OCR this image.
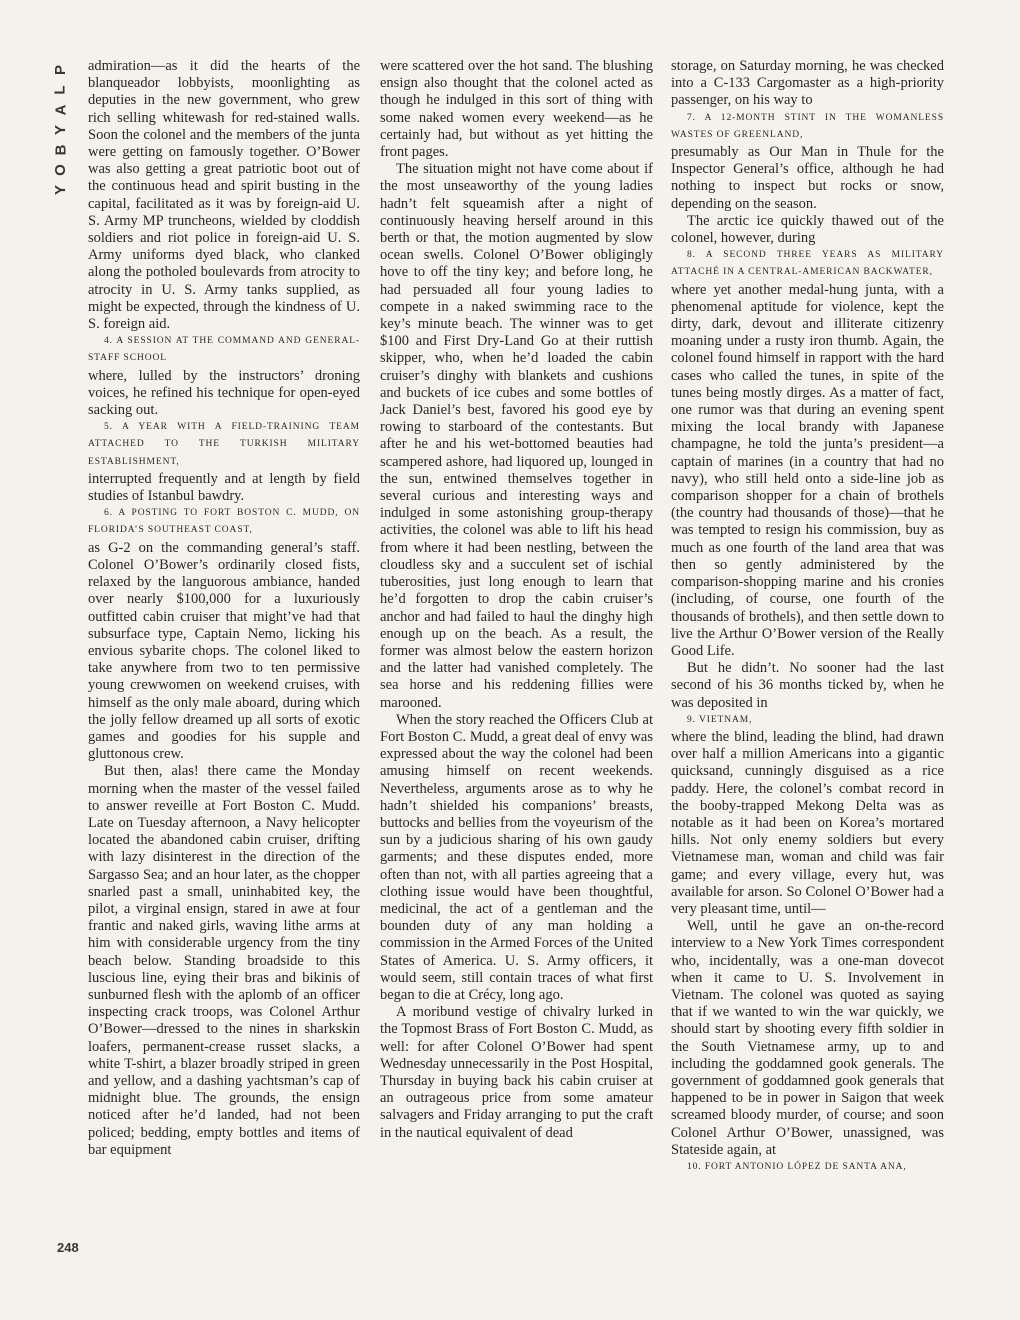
P
L
A
Y
B
O
Y
248

admiration—as it did the hearts of the blanqueador lobbyists, moonlighting as deputies in the new government, who grew rich selling whitewash for red-stained walls. Soon the colonel and the members of the junta were getting on famously together. O’Bower was also getting a great patriotic boot out of the continuous head and spirit busting in the capital, facilitated as it was by foreign-aid U. S. Army MP truncheons, wielded by cloddish soldiers and riot police in foreign-aid U. S. Army uniforms dyed black, who clanked along the potholed boulevards from atrocity to atrocity in U. S. Army tanks supplied, as might be expected, through the kindness of U. S. foreign aid.

4. A SESSION AT THE COMMAND AND GENERAL-STAFF SCHOOL

where, lulled by the instructors’ droning voices, he refined his technique for open-eyed sacking out.

5. A YEAR WITH A FIELD-TRAINING TEAM ATTACHED TO THE TURKISH MILITARY ESTABLISHMENT,

interrupted frequently and at length by field studies of Istanbul bawdry.

6. A POSTING TO FORT BOSTON C. MUDD, ON FLORIDA’S SOUTHEAST COAST,

as G-2 on the commanding general’s staff. Colonel O’Bower’s ordinarily closed fists, relaxed by the languorous ambiance, handed over nearly $100,000 for a luxuriously outfitted cabin cruiser that might’ve had that subsurface type, Captain Nemo, licking his envious sybarite chops. The colonel liked to take anywhere from two to ten permissive young crewwomen on weekend cruises, with himself as the only male aboard, during which the jolly fellow dreamed up all sorts of exotic games and goodies for his supple and gluttonous crew.

But then, alas! there came the Monday morning when the master of the vessel failed to answer reveille at Fort Boston C. Mudd. Late on Tuesday afternoon, a Navy helicopter located the abandoned cabin cruiser, drifting with lazy disinterest in the direction of the Sargasso Sea; and an hour later, as the chopper snarled past a small, uninhabited key, the pilot, a virginal ensign, stared in awe at four frantic and naked girls, waving lithe arms at him with considerable urgency from the tiny beach below. Standing broadside to this luscious line, eying their bras and bikinis of sunburned flesh with the aplomb of an officer inspecting crack troops, was Colonel Arthur O’Bower—dressed to the nines in sharkskin loafers, permanent-crease russet slacks, a white T-shirt, a blazer broadly striped in green and yellow, and a dashing yachtsman’s cap of midnight blue. The grounds, the ensign noticed after he’d landed, had not been policed; bedding, empty bottles and items of bar equipment

were scattered over the hot sand. The blushing ensign also thought that the colonel acted as though he indulged in this sort of thing with some naked women every weekend—as he certainly had, but without as yet hitting the front pages.

The situation might not have come about if the most unseaworthy of the young ladies hadn’t felt squeamish after a night of continuously heaving herself around in this berth or that, the motion augmented by slow ocean swells. Colonel O’Bower obligingly hove to off the tiny key; and before long, he had persuaded all four young ladies to compete in a naked swimming race to the key’s minute beach. The winner was to get $100 and First Dry-Land Go at their ruttish skipper, who, when he’d loaded the cabin cruiser’s dinghy with blankets and cushions and buckets of ice cubes and some bottles of Jack Daniel’s best, favored his good eye by rowing to starboard of the contestants. But after he and his wet-bottomed beauties had scampered ashore, had liquored up, lounged in the sun, entwined themselves together in several curious and interesting ways and indulged in some astonishing group-therapy activities, the colonel was able to lift his head from where it had been nestling, between the cloudless sky and a succulent set of ischial tuberosities, just long enough to learn that he’d forgotten to drop the cabin cruiser’s anchor and had failed to haul the dinghy high enough up on the beach. As a result, the former was almost below the eastern horizon and the latter had vanished completely. The sea horse and his reddening fillies were marooned.

When the story reached the Officers Club at Fort Boston C. Mudd, a great deal of envy was expressed about the way the colonel had been amusing himself on recent weekends. Nevertheless, arguments arose as to why he hadn’t shielded his companions’ breasts, buttocks and bellies from the voyeurism of the sun by a judicious sharing of his own gaudy garments; and these disputes ended, more often than not, with all parties agreeing that a clothing issue would have been thoughtful, medicinal, the act of a gentleman and the bounden duty of any man holding a commission in the Armed Forces of the United States of America. U. S. Army officers, it would seem, still contain traces of what first began to die at Crécy, long ago.

A moribund vestige of chivalry lurked in the Topmost Brass of Fort Boston C. Mudd, as well: for after Colonel O’Bower had spent Wednesday unnecessarily in the Post Hospital, Thursday in buying back his cabin cruiser at an outrageous price from some amateur salvagers and Friday arranging to put the craft in the nautical equivalent of dead

storage, on Saturday morning, he was checked into a C-133 Cargomaster as a high-priority passenger, on his way to

7. A 12-MONTH STINT IN THE WOMANLESS WASTES OF GREENLAND,

presumably as Our Man in Thule for the Inspector General’s office, although he had nothing to inspect but rocks or snow, depending on the season.

The arctic ice quickly thawed out of the colonel, however, during

8. A SECOND THREE YEARS AS MILITARY ATTACHÉ IN A CENTRAL-AMERICAN BACKWATER,

where yet another medal-hung junta, with a phenomenal aptitude for violence, kept the dirty, dark, devout and illiterate citizenry moaning under a rusty iron thumb. Again, the colonel found himself in rapport with the hard cases who called the tunes, in spite of the tunes being mostly dirges. As a matter of fact, one rumor was that during an evening spent mixing the local brandy with Japanese champagne, he told the junta’s president—a captain of marines (in a country that had no navy), who still held onto a side-line job as comparison shopper for a chain of brothels (the country had thousands of those)—that he was tempted to resign his commission, buy as much as one fourth of the land area that was then so gently administered by the comparison-shopping marine and his cronies (including, of course, one fourth of the thousands of brothels), and then settle down to live the Arthur O’Bower version of the Really Good Life.

But he didn’t. No sooner had the last second of his 36 months ticked by, when he was deposited in

9. VIETNAM,

where the blind, leading the blind, had drawn over half a million Americans into a gigantic quicksand, cunningly disguised as a rice paddy. Here, the colonel’s combat record in the booby-trapped Mekong Delta was as notable as it had been on Korea’s mortared hills. Not only enemy soldiers but every Vietnamese man, woman and child was fair game; and every village, every hut, was available for arson. So Colonel O’Bower had a very pleasant time, until—

Well, until he gave an on-the-record interview to a New York Times correspondent who, incidentally, was a one-man dovecot when it came to U. S. Involvement in Vietnam. The colonel was quoted as saying that if we wanted to win the war quickly, we should start by shooting every fifth soldier in the South Vietnamese army, up to and including the goddamned gook generals. The government of goddamned gook generals that happened to be in power in Saigon that week screamed bloody murder, of course; and soon Colonel Arthur O’Bower, unassigned, was Stateside again, at

10. FORT ANTONIO LÓPEZ DE SANTA ANA,
